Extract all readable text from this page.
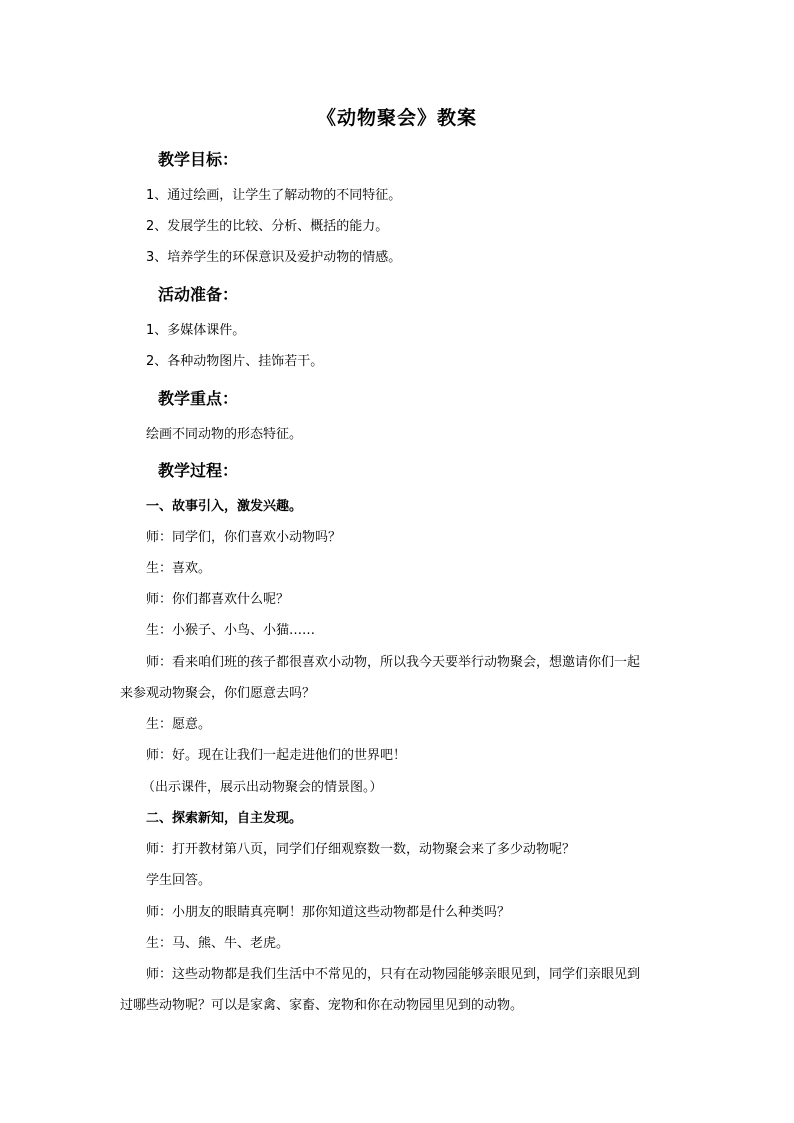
《动物聚会》教案
教学目标：
1、通过绘画，让学生了解动物的不同特征。
2、发展学生的比较、分析、概括的能力。
3、培养学生的环保意识及爱护动物的情感。
活动准备：
1、多媒体课件。
2、各种动物图片、挂饰若干。
教学重点：
绘画不同动物的形态特征。
教学过程：
一、故事引入，激发兴趣。
师：同学们，你们喜欢小动物吗？
生：喜欢。
师：你们都喜欢什么呢？
生：小猴子、小鸟、小猫……
师：看来咱们班的孩子都很喜欢小动物，所以我今天要举行动物聚会，想邀请你们一起
来参观动物聚会，你们愿意去吗？
生：愿意。
师：好。现在让我们一起走进他们的世界吧！
（出示课件，展示出动物聚会的情景图。）
二、探索新知，自主发现。
师：打开教材第八页，同学们仔细观察数一数，动物聚会来了多少动物呢？
学生回答。
师：小朋友的眼睛真亮啊！那你知道这些动物都是什么种类吗？
生：马、熊、牛、老虎。
师：这些动物都是我们生活中不常见的，只有在动物园能够亲眼见到，同学们亲眼见到
过哪些动物呢？可以是家禽、家畜、宠物和你在动物园里见到的动物。
